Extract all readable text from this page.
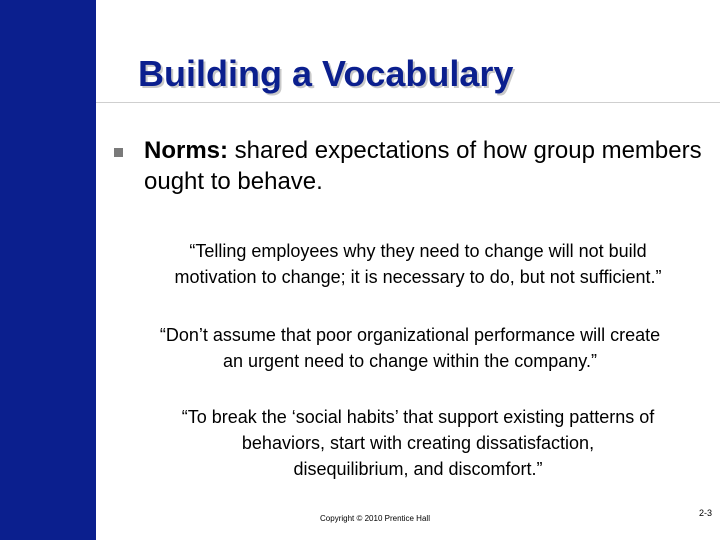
Building a Vocabulary

Norms: shared expectations of how group members ought to behave.

“Telling employees why they need to change will not build
motivation to change; it is necessary to do, but not sufficient.”

“Don’t assume that poor organizational performance will create
an urgent need to change within the company.”

“To break the ‘social habits’ that support existing patterns of
behaviors, start with creating dissatisfaction,
disequilibrium, and discomfort.”

Copyright © 2010 Prentice Hall

2-3
